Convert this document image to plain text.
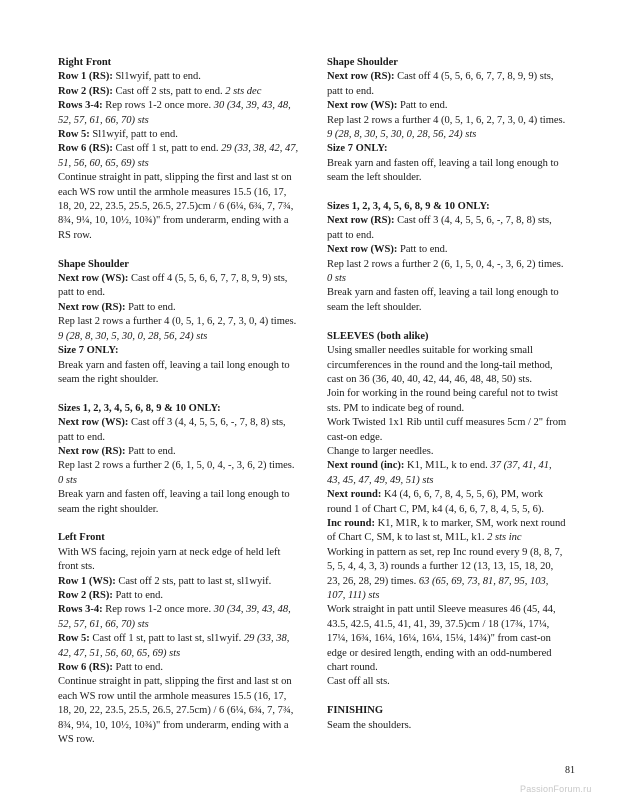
Right Front

Row 1 (RS): Sl1wyif, patt to end.

Row 2 (RS): Cast off 2 sts, patt to end. 2 sts dec

Rows 3-4: Rep rows 1-2 once more. 30 (34, 39, 43, 48, 52, 57, 61, 66, 70) sts

Row 5: Sl1wyif, patt to end.

Row 6 (RS): Cast off 1 st, patt to end. 29 (33, 38, 42, 47, 51, 56, 60, 65, 69) sts

Continue straight in patt, slipping the first and last st on each WS row until the armhole measures 15.5 (16, 17, 18, 20, 22, 23.5, 25.5, 26.5, 27.5)cm / 6 (6¼, 6¾, 7, 7¾, 8¾, 9¼, 10, 10½, 10¾)" from underarm, ending with a RS row.

Shape Shoulder

Next row (WS): Cast off 4 (5, 5, 6, 6, 7, 7, 8, 9, 9) sts, patt to end.

Next row (RS): Patt to end.

Rep last 2 rows a further 4 (0, 5, 1, 6, 2, 7, 3, 0, 4) times. 9 (28, 8, 30, 5, 30, 0, 28, 56, 24) sts

Size 7 ONLY:

Break yarn and fasten off, leaving a tail long enough to seam the right shoulder.

Sizes 1, 2, 3, 4, 5, 6, 8, 9 & 10 ONLY:

Next row (WS): Cast off 3 (4, 4, 5, 5, 6, -, 7, 8, 8) sts, patt to end.

Next row (RS): Patt to end.

Rep last 2 rows a further 2 (6, 1, 5, 0, 4, -, 3, 6, 2) times. 0 sts

Break yarn and fasten off, leaving a tail long enough to seam the right shoulder.

Left Front

With WS facing, rejoin yarn at neck edge of held left front sts.

Row 1 (WS): Cast off 2 sts, patt to last st, sl1wyif.

Row 2 (RS): Patt to end.

Rows 3-4: Rep rows 1-2 once more. 30 (34, 39, 43, 48, 52, 57, 61, 66, 70) sts

Row 5: Cast off 1 st, patt to last st, sl1wyif. 29 (33, 38, 42, 47, 51, 56, 60, 65, 69) sts

Row 6 (RS): Patt to end.

Continue straight in patt, slipping the first and last st on each WS row until the armhole measures 15.5 (16, 17, 18, 20, 22, 23.5, 25.5, 26.5, 27.5cm) / 6 (6¼, 6¾, 7, 7¾, 8¾, 9¼, 10, 10½, 10¾)" from underarm, ending with a WS row.

Shape Shoulder

Next row (RS): Cast off 4 (5, 5, 6, 6, 7, 7, 8, 9, 9) sts, patt to end.

Next row (WS): Patt to end.

Rep last 2 rows a further 4 (0, 5, 1, 6, 2, 7, 3, 0, 4) times. 9 (28, 8, 30, 5, 30, 0, 28, 56, 24) sts

Size 7 ONLY:

Break yarn and fasten off, leaving a tail long enough to seam the left shoulder.

Sizes 1, 2, 3, 4, 5, 6, 8, 9 & 10 ONLY:

Next row (RS): Cast off 3 (4, 4, 5, 5, 6, -, 7, 8, 8) sts, patt to end.

Next row (WS): Patt to end.

Rep last 2 rows a further 2 (6, 1, 5, 0, 4, -, 3, 6, 2) times. 0 sts

Break yarn and fasten off, leaving a tail long enough to seam the left shoulder.

SLEEVES (both alike)

Using smaller needles suitable for working small circumferences in the round and the long-tail method, cast on 36 (36, 40, 40, 42, 44, 46, 48, 48, 50) sts.

Join for working in the round being careful not to twist sts. PM to indicate beg of round.

Work Twisted 1x1 Rib until cuff measures 5cm / 2" from cast-on edge.

Change to larger needles.

Next round (inc): K1, M1L, k to end. 37 (37, 41, 41, 43, 45, 47, 49, 49, 51) sts

Next round: K4 (4, 6, 6, 7, 8, 4, 5, 5, 6), PM, work round 1 of Chart C, PM, k4 (4, 6, 6, 7, 8, 4, 5, 5, 6).

Inc round: K1, M1R, k to marker, SM, work next round of Chart C, SM, k to last st, M1L, k1. 2 sts inc

Working in pattern as set, rep Inc round every 9 (8, 8, 7, 5, 5, 4, 4, 3, 3) rounds a further 12 (13, 13, 15, 18, 20, 23, 26, 28, 29) times. 63 (65, 69, 73, 81, 87, 95, 103, 107, 111) sts

Work straight in patt until Sleeve measures 46 (45, 44, 43.5, 42.5, 41.5, 41, 41, 39, 37.5)cm / 18 (17¾, 17¼, 17¼, 16¾, 16¼, 16¼, 16¼, 15¼, 14¾)" from cast-on edge or desired length, ending with an odd-numbered chart round.

Cast off all sts.

FINISHING

Seam the shoulders.

81
PassionForum.ru
